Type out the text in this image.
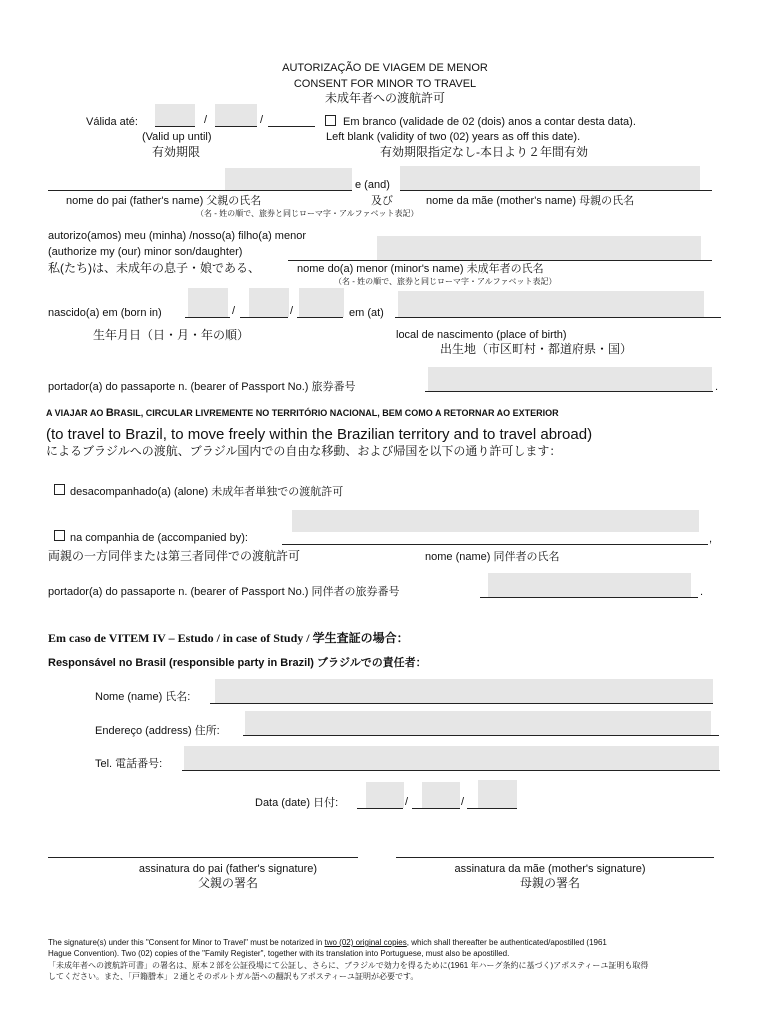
AUTORIZAÇÃO DE VIAGEM DE MENOR
CONSENT FOR MINOR TO TRAVEL
未成年者への渡航許可
Válida até:	/	/	Em branco (validade de 02 (dois) anos a contar desta data).
(Valid up until)	Left blank (validity of two (02) years as off this date).
有効期限	有効期限指定なし-本日より２年間有効
e (and)
nome do pai (father's name) 父親の氏名	及び	nome da mãe (mother's name) 母親の氏名
（名 - 姓の順で、旅券と同じローマ字・アルファベット表記）
autorizo(amos) meu (minha) /nosso(a) filho(a) menor
(authorize my (our) minor son/daughter)
私(たち)は、未成年の息子・娘である、	nome do(a) menor (minor's name) 未成年者の氏名
（名 - 姓の順で、旅券と同じローマ字・アルファベット表記）
nascido(a) em (born in)	/	/	em (at)
生年月日（日・月・年の順）	local de nascimento (place of birth)
出生地（市区町村・都道府県・国）
portador(a) do passaporte n. (bearer of Passport No.) 旅券番号	.
A VIAJAR AO BRASIL, CIRCULAR LIVREMENTE NO TERRITÓRIO NACIONAL, BEM COMO A RETORNAR AO EXTERIOR
(to travel to Brazil, to move freely within the Brazilian territory and to travel abroad)
によるブラジルへの渡航、ブラジル国内での自由な移動、および帰国を以下の通り許可します：
desacompanhado(a) (alone) 未成年者単独での渡航許可
na companhia de (accompanied by):	,
両親の一方同伴または第三者同伴での渡航許可	nome (name) 同伴者の氏名
portador(a) do passaporte n. (bearer of Passport No.) 同伴者の旅券番号	.
Em caso de VITEM IV – Estudo / in case of Study / 学生査証の場合：
Responsável no Brasil (responsible party in Brazil) ブラジルでの責任者：
Nome (name) 氏名:
Endereço (address) 住所:
Tel. 電話番号:
Data (date) 日付:	/	/
assinatura do pai (father's signature)
父親の署名
assinatura da mãe (mother's signature)
母親の署名
The signature(s) under this "Consent for Minor to Travel" must be notarized in two (02) original copies, which shall thereafter be authenticated/apostilled (1961
Hague Convention). Two (02) copies of the "Family Register", together with its translation into Portuguese, must also be apostilled.
「未成年者への渡航許可書」の署名は、原本２部を公証役場にて公証し、さらに、ブラジルで効力を得るために(1961 年ハーグ条約に基づく)アポスティーユ証明も取得
してください。また、「戸籍謄本」２通とそのポルトガル語への翻訳もアポスティーユ証明が必要です。
